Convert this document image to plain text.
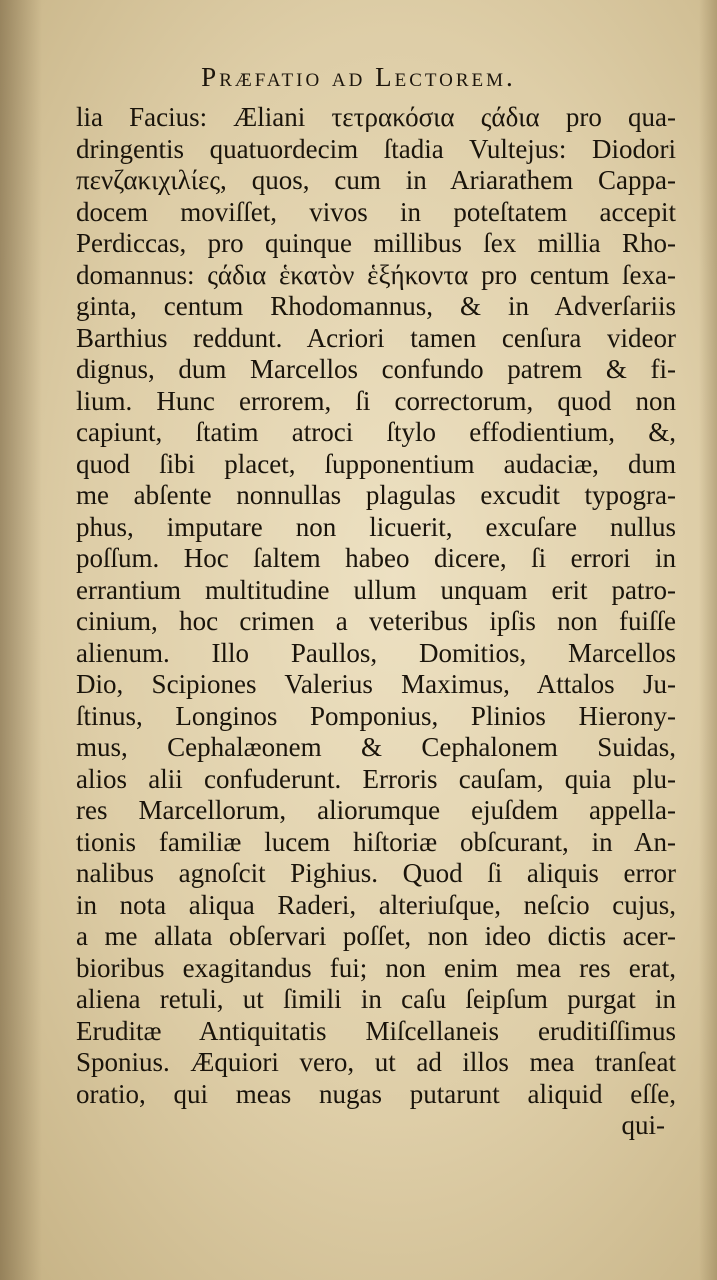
Præfatio ad Lectorem.
lia Facius: Æliani τετρακόσια ςάδια pro qua-
dringentis quatuordecim ſtadia Vultejus: Diodori
πενζακιχιλίες, quos, cum in Ariarathem Cappa-
docem moviſſet, vivos in poteſtatem accepit
Perdiccas, pro quinque millibus ſex millia Rho-
domannus: ςάδια ἑκατὸν ἑξήκοντα pro centum ſexa-
ginta, centum Rhodomannus, & in Adverſariis
Barthius reddunt. Acriori tamen cenſura videor
dignus, dum Marcellos confundo patrem & fi-
lium. Hunc errorem, ſi correctorum, quod non
capiunt, ſtatim atroci ſtylo effodientium, &,
quod ſibi placet, ſupponentium audaciæ, dum
me abſente nonnullas plagulas excudit typogra-
phus, imputare non licuerit, excuſare nullus
poſſum. Hoc ſaltem habeo dicere, ſi errori in
errantium multitudine ullum unquam erit patro-
cinium, hoc crimen a veteribus ipſis non fuiſſe
alienum. Illo Paullos, Domitios, Marcellos
Dio, Scipiones Valerius Maximus, Attalos Ju-
ſtinus, Longinos Pomponius, Plinios Hierony-
mus, Cephalæonem & Cephalonem Suidas,
alios alii confuderunt. Erroris cauſam, quia plu-
res Marcellorum, aliorumque ejuſdem appella-
tionis familiæ lucem hiſtoriæ obſcurant, in An-
nalibus agnoſcit Pighius. Quod ſi aliquis error
in nota aliqua Raderi, alteriuſque, neſcio cujus,
a me allata obſervari poſſet, non ideo dictis acer-
bioribus exagitandus fui; non enim mea res erat,
aliena retuli, ut ſimili in caſu ſeipſum purgat in
Eruditæ Antiquitatis Miſcellaneis eruditiſſimus
Sponius. Æquiori vero, ut ad illos mea tranſeat
oratio, qui meas nugas putarunt aliquid eſſe,
qui-
